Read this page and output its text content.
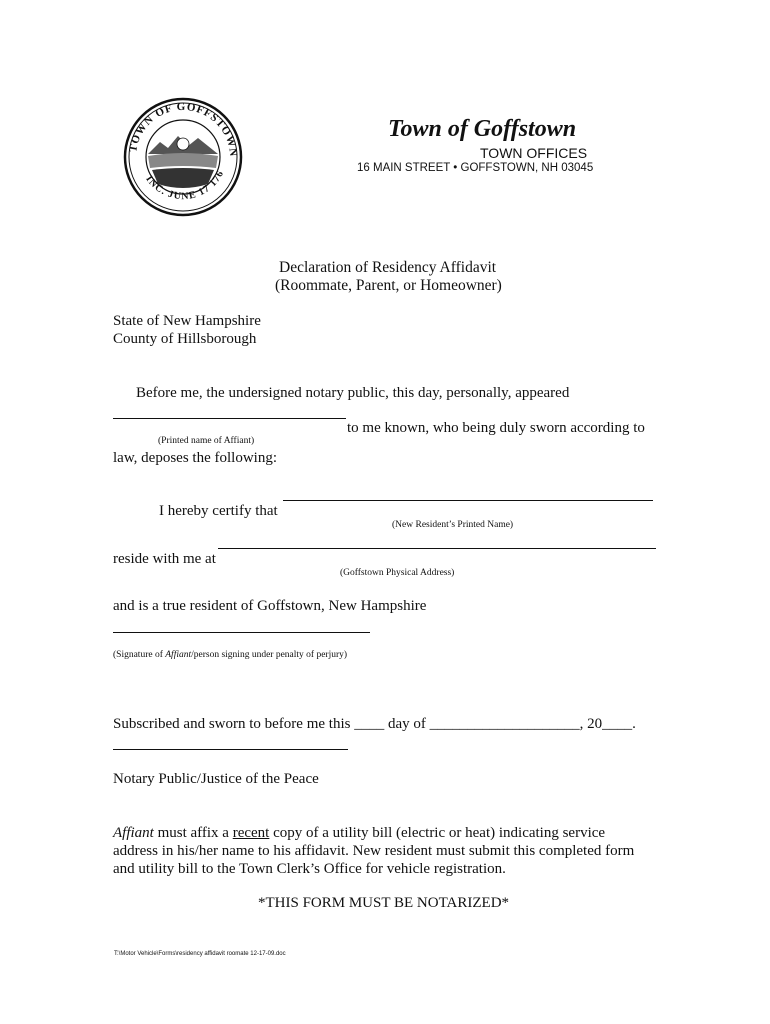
TOWN OF GOFFSTOWN
INC. JUNE 17 176
Town of Goffstown
TOWN OFFICES
16 MAIN STREET • GOFFSTOWN, NH 03045
Declaration of Residency Affidavit
(Roommate, Parent, or Homeowner)
State of New Hampshire
County of Hillsborough
Before me, the undersigned notary public, this day, personally, appeared
to me known, who being duly sworn according to
(Printed name of Affiant)
law, deposes the following:
I hereby certify that
(New Resident’s Printed Name)
reside with me at
(Goffstown Physical Address)
and is a true resident of Goffstown, New Hampshire
(Signature of Affiant/person signing under penalty of perjury)
Subscribed and sworn to before me this ____ day of ____________________, 20____.
Notary Public/Justice of the Peace
Affiant must affix a recent copy of a utility bill (electric or heat) indicating service
address in his/her name to his affidavit. New resident must submit this completed form
and utility bill to the Town Clerk’s Office for vehicle registration.
*THIS FORM MUST BE NOTARIZED*
T:\Motor Vehicle\Forms\residency affidavit roomate 12-17-09.doc
